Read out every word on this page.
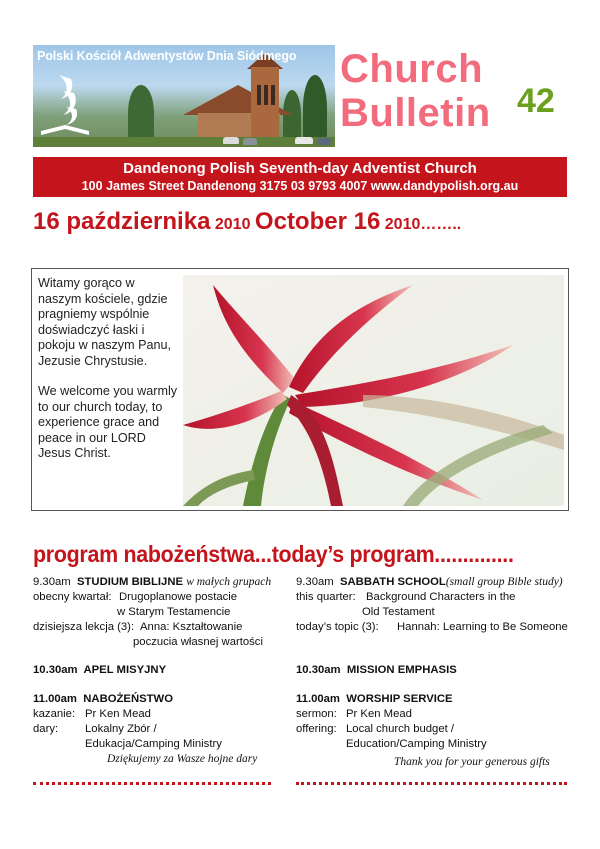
Polski Kościół Adwentystów Dnia Siódmego Church
Bulletin 42
Dandenong Polish Seventh-day Adventist Church
100 James Street Dandenong 3175 03 9793 4007 www.dandypolish.org.au
16 października 2010 October 16 2010……..

Witamy gorąco w naszym kościele, gdzie pragniemy wspólnie doświadczyć łaski i pokoju w naszym Panu, Jezusie Chrystusie.

We welcome you warmly to our church today, to experience grace and peace in our LORD Jesus Christ.

program nabożeństwa...today’s program..............
9.30am STUDIUM BIBLIJNE w małych grupach
obecny kwartał: Drugoplanowe postacie
w Starym Testamencie
dzisiejsza lekcja (3): Anna: Kształtowanie
poczucia własnej wartości
10.30am APEL MISYJNY
11.00am NABOŻEŃSTWO
kazanie: Pr Ken Mead
dary: Lokalny Zbór /
Edukacja/Camping Ministry
Dziękujemy za Wasze hojne dary
9.30am SABBATH SCHOOL(small group Bible study)
this quarter: Background Characters in the
Old Testament
today’s topic (3): Hannah: Learning to Be Someone
10.30am MISSION EMPHASIS
11.00am WORSHIP SERVICE
sermon: Pr Ken Mead
offering: Local church budget /
Education/Camping Ministry
Thank you for your generous gifts
